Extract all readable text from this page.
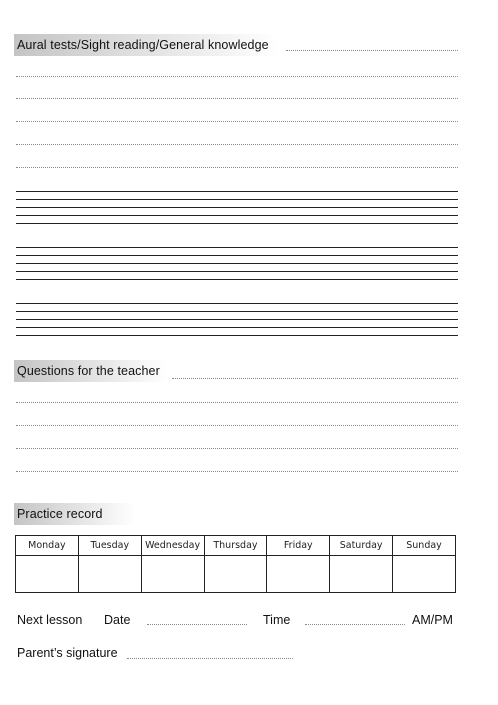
Aural tests/Sight reading/General knowledge
Questions for the teacher
Practice record
Monday	Tuesday	Wednesday	Thursday	Friday	Saturday	Sunday

Next lesson Date	Time	AM/PM
Parent’s signature
